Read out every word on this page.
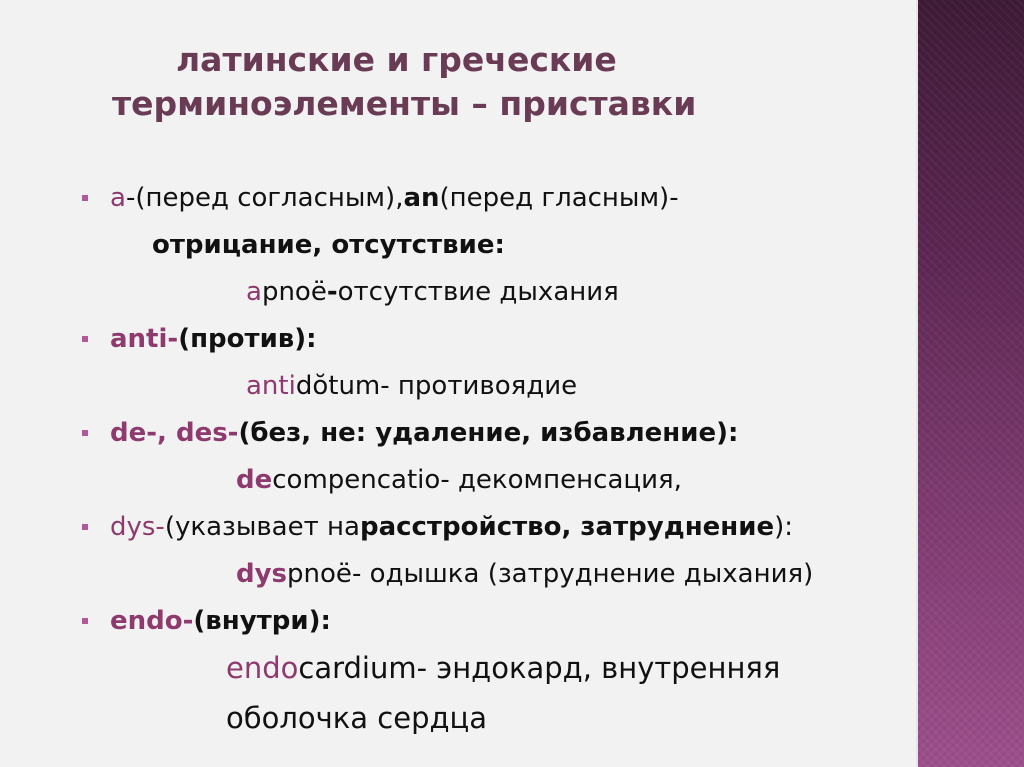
латинские и греческие
терминоэлементы – приставки
a-(перед согласным),an(перед гласным)-
отрицание, отсутствие:
apnoë-отсутствие дыхания
anti-(против):
antidŏtum- противоядие
de-, des-(без, не: удаление, избавление):
decompencatio- декомпенсация,
dys-(указывает нарасстройство, затруднение):
dyspnoë- одышка (затруднение дыхания)
endo-(внутри):
endocardium- эндокард, внутренняя
оболочка сердца
